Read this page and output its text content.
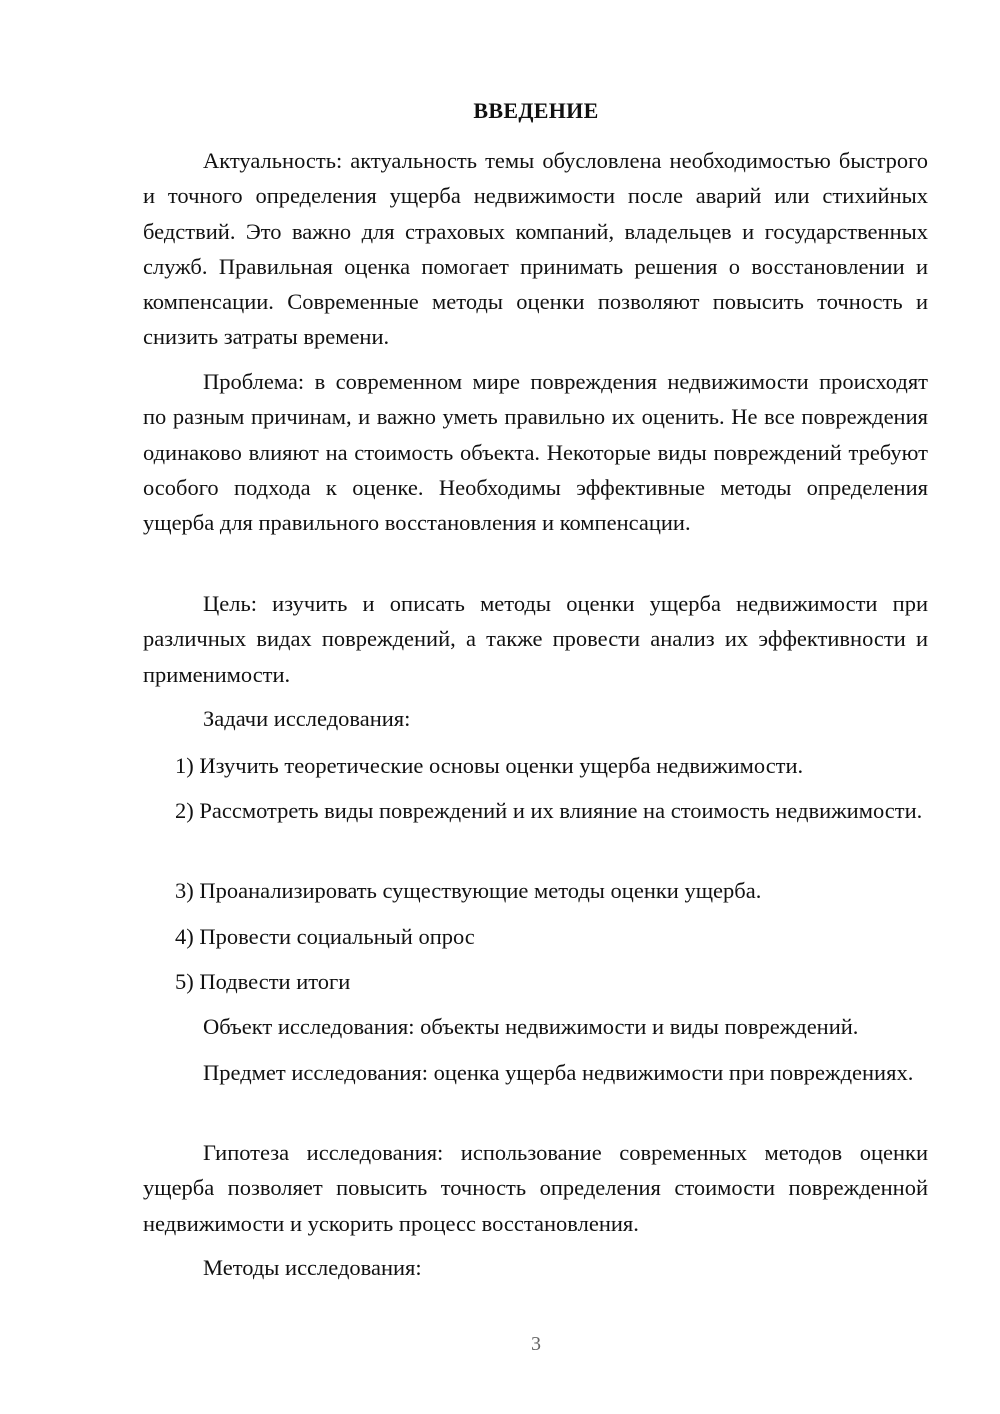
ВВЕДЕНИЕ

Актуальность: актуальность темы обусловлена необходимостью быстрого и точного определения ущерба недвижимости после аварий или стихийных бедствий. Это важно для страховых компаний, владельцев и государственных служб. Правильная оценка помогает принимать решения о восстановлении и компенсации. Современные методы оценки позволяют повысить точность и снизить затраты времени.

Проблема: в современном мире повреждения недвижимости происходят по разным причинам, и важно уметь правильно их оценить. Не все повреждения одинаково влияют на стоимость объекта. Некоторые виды повреждений требуют особого подхода к оценке. Необходимы эффективные методы определения ущерба для правильного восстановления и компенсации.

Цель: изучить и описать методы оценки ущерба недвижимости при различных видах повреждений, а также провести анализ их эффективности и применимости.

Задачи исследования:

1) Изучить теоретические основы оценки ущерба недвижимости.

2) Рассмотреть виды повреждений и их влияние на стоимость недвижимости.

3) Проанализировать существующие методы оценки ущерба.

4) Провести социальный опрос

5) Подвести итоги

Объект исследования: объекты недвижимости и виды повреждений.

Предмет исследования: оценка ущерба недвижимости при повреждениях.

Гипотеза исследования: использование современных методов оценки ущерба позволяет повысить точность определения стоимости поврежденной недвижимости и ускорить процесс восстановления.

Методы исследования:

3
